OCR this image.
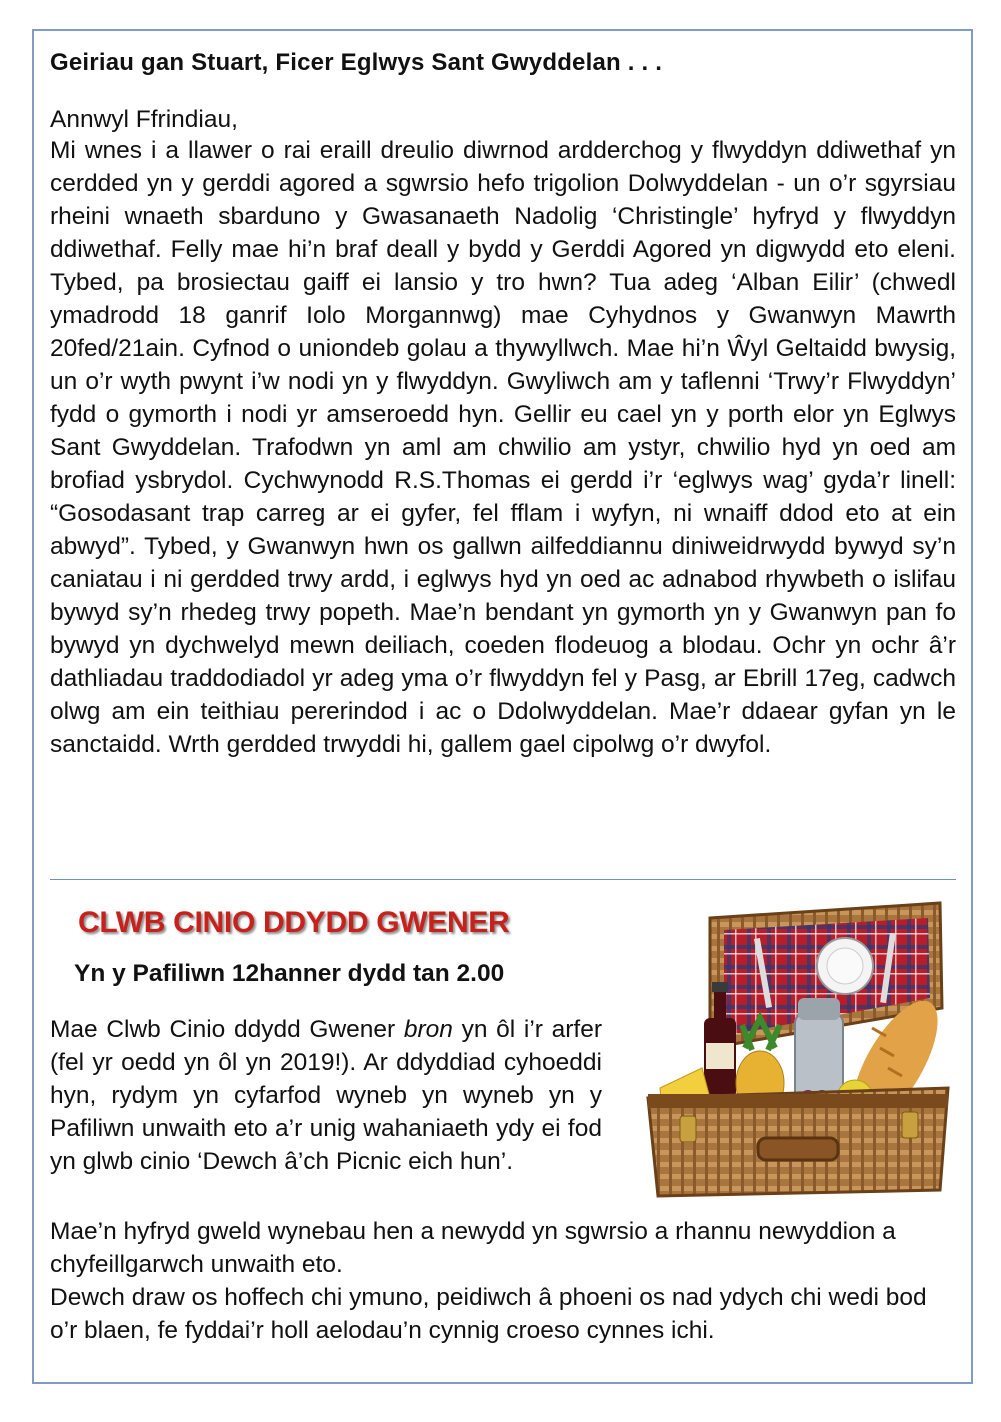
Geiriau gan Stuart, Ficer Eglwys Sant Gwyddelan . . .
Annwyl Ffrindiau,
Mi wnes i a llawer o rai eraill dreulio diwrnod ardderchog y flwyddyn ddiwethaf yn cerdded yn y gerddi agored a sgwrsio hefo trigolion Dolwyddelan - un o’r sgyrsiau rheini wnaeth sbarduno y Gwasanaeth Nadolig ‘Christingle’ hyfryd y flwyddyn ddiwethaf. Felly mae hi’n braf deall y bydd y Gerddi Agored yn digwydd eto eleni. Tybed, pa brosiectau gaiff ei lansio y tro hwn? Tua adeg ‘Alban Eilir’ (chwedl ymadrodd 18 ganrif Iolo Morgannwg) mae Cyhydnos y Gwanwyn Mawrth 20fed/21ain. Cyfnod o uniondeb golau a thywyllwch. Mae hi’n Ŵyl Geltaidd bwysig, un o’r wyth pwynt i’w nodi yn y flwyddyn. Gwyliwch am y taflenni ‘Trwy’r Flwyddyn’ fydd o gymorth i nodi yr amseroedd hyn. Gellir eu cael yn y porth elor yn Eglwys Sant Gwyddelan. Trafodwn yn aml am chwilio am ystyr, chwilio hyd yn oed am brofiad ysbrydol. Cychwynodd R.S.Thomas ei gerdd i’r ‘eglwys wag’ gyda’r linell: “Gosodasant trap carreg ar ei gyfer, fel fflam i wyfyn, ni wnaiff ddod eto at ein abwyd”. Tybed, y Gwanwyn hwn os gallwn ailfeddiannu diniweidrwydd bywyd sy’n caniatau i ni gerdded trwy ardd, i eglwys hyd yn oed ac adnabod rhywbeth o islifau bywyd sy’n rhedeg trwy popeth. Mae’n bendant yn gymorth yn y Gwanwyn pan fo bywyd yn dychwelyd mewn deiliach, coeden flodeuog a blodau. Ochr yn ochr â’r dathliadau traddodiadol yr adeg yma o’r flwyddyn fel y Pasg, ar Ebrill 17eg, cadwch olwg am ein teithiau pererindod i ac o Ddolwyddelan. Mae’r ddaear gyfan yn le sanctaidd. Wrth gerdded trwyddi hi, gallem gael cipolwg o’r dwyfol.
CLWB CINIO DDYDD GWENER
Yn y Pafiliwn 12hanner dydd tan 2.00
Mae Clwb Cinio ddydd Gwener bron yn ôl i’r arfer (fel yr oedd yn ôl yn 2019!). Ar ddyddiad cyhoeddi hyn, rydym yn cyfarfod wyneb yn wyneb yn y Pafiliwn unwaith eto a’r unig wahaniaeth ydy ei fod yn glwb cinio ‘Dewch â’ch Picnic eich hun’.
Mae’n hyfryd gweld wynebau hen a newydd yn sgwrsio a rhannu newyddion a chyfeillgarwch unwaith eto.
Dewch draw os hoffech chi ymuno, peidiwch â phoeni os nad ydych chi wedi bod o’r blaen, fe fyddai’r holl aelodau’n cynnig croeso cynnes ichi.
